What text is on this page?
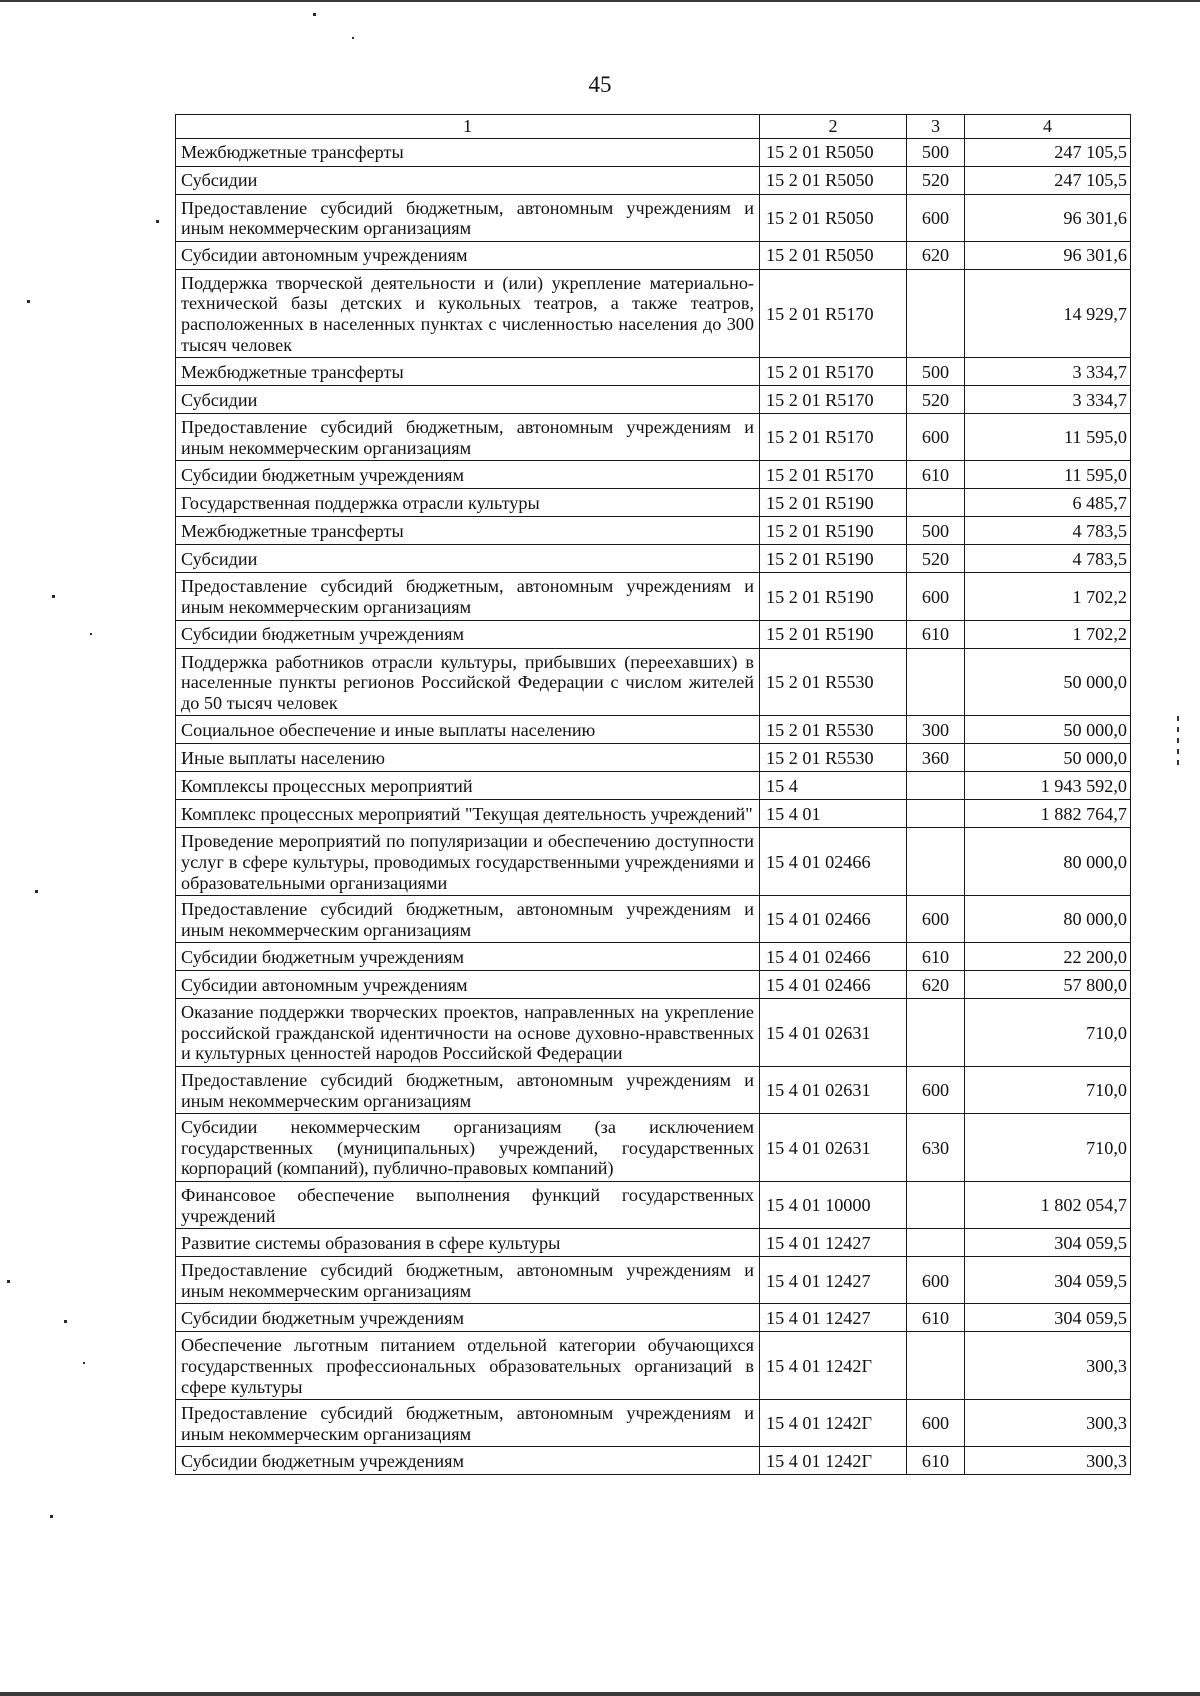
45
1	2	3	4
Межбюджетные трансферты	15 2 01 R5050	500	247 105,5
Субсидии	15 2 01 R5050	520	247 105,5
Предоставление субсидий бюджетным, автономным учреждениям и иным некоммерческим организациям	15 2 01 R5050	600	96 301,6
Субсидии автономным учреждениям	15 2 01 R5050	620	96 301,6
Поддержка творческой деятельности и (или) укрепление материально-технической базы детских и кукольных театров, а также театров, расположенных в населенных пунктах с численностью населения до 300 тысяч человек	15 2 01 R5170		14 929,7
Межбюджетные трансферты	15 2 01 R5170	500	3 334,7
Субсидии	15 2 01 R5170	520	3 334,7
Предоставление субсидий бюджетным, автономным учреждениям и иным некоммерческим организациям	15 2 01 R5170	600	11 595,0
Субсидии бюджетным учреждениям	15 2 01 R5170	610	11 595,0
Государственная поддержка отрасли культуры	15 2 01 R5190		6 485,7
Межбюджетные трансферты	15 2 01 R5190	500	4 783,5
Субсидии	15 2 01 R5190	520	4 783,5
Предоставление субсидий бюджетным, автономным учреждениям и иным некоммерческим организациям	15 2 01 R5190	600	1 702,2
Субсидии бюджетным учреждениям	15 2 01 R5190	610	1 702,2
Поддержка работников отрасли культуры, прибывших (переехавших) в населенные пункты регионов Российской Федерации с числом жителей до 50 тысяч человек	15 2 01 R5530		50 000,0
Социальное обеспечение и иные выплаты населению	15 2 01 R5530	300	50 000,0
Иные выплаты населению	15 2 01 R5530	360	50 000,0
Комплексы процессных мероприятий	15 4		1 943 592,0
Комплекс процессных мероприятий "Текущая деятельность учреждений"	15 4 01		1 882 764,7
Проведение мероприятий по популяризации и обеспечению доступности услуг в сфере культуры, проводимых государственными учреждениями и образовательными организациями	15 4 01 02466		80 000,0
Предоставление субсидий бюджетным, автономным учреждениям и иным некоммерческим организациям	15 4 01 02466	600	80 000,0
Субсидии бюджетным учреждениям	15 4 01 02466	610	22 200,0
Субсидии автономным учреждениям	15 4 01 02466	620	57 800,0
Оказание поддержки творческих проектов, направленных на укрепление российской гражданской идентичности на основе духовно-нравственных и культурных ценностей народов Российской Федерации	15 4 01 02631		710,0
Предоставление субсидий бюджетным, автономным учреждениям и иным некоммерческим организациям	15 4 01 02631	600	710,0
Субсидии некоммерческим организациям (за исключением государственных (муниципальных) учреждений, государственных корпораций (компаний), публично-правовых компаний)	15 4 01 02631	630	710,0
Финансовое обеспечение выполнения функций государственных учреждений	15 4 01 10000		1 802 054,7
Развитие системы образования в сфере культуры	15 4 01 12427		304 059,5
Предоставление субсидий бюджетным, автономным учреждениям и иным некоммерческим организациям	15 4 01 12427	600	304 059,5
Субсидии бюджетным учреждениям	15 4 01 12427	610	304 059,5
Обеспечение льготным питанием отдельной категории обучающихся государственных профессиональных образовательных организаций в сфере культуры	15 4 01 1242Г		300,3
Предоставление субсидий бюджетным, автономным учреждениям и иным некоммерческим организациям	15 4 01 1242Г	600	300,3
Субсидии бюджетным учреждениям	15 4 01 1242Г	610	300,3
